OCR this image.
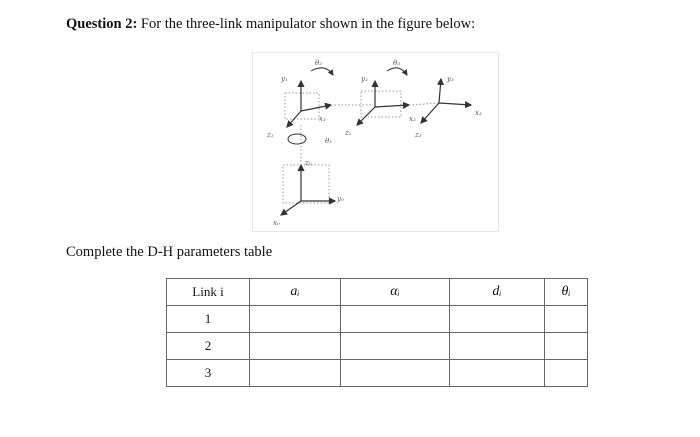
Question 2: For the three-link manipulator shown in the figure below:
z₀
x₀
y₀
z₁
θ₁
y₁
x₁
θ₂
y₂
z₂
θ₃
y₃
x₃
x₂
z₃
Complete the D-H parameters table
Link i	aᵢ	αᵢ	dᵢ	θᵢ
1				
2				
3				
